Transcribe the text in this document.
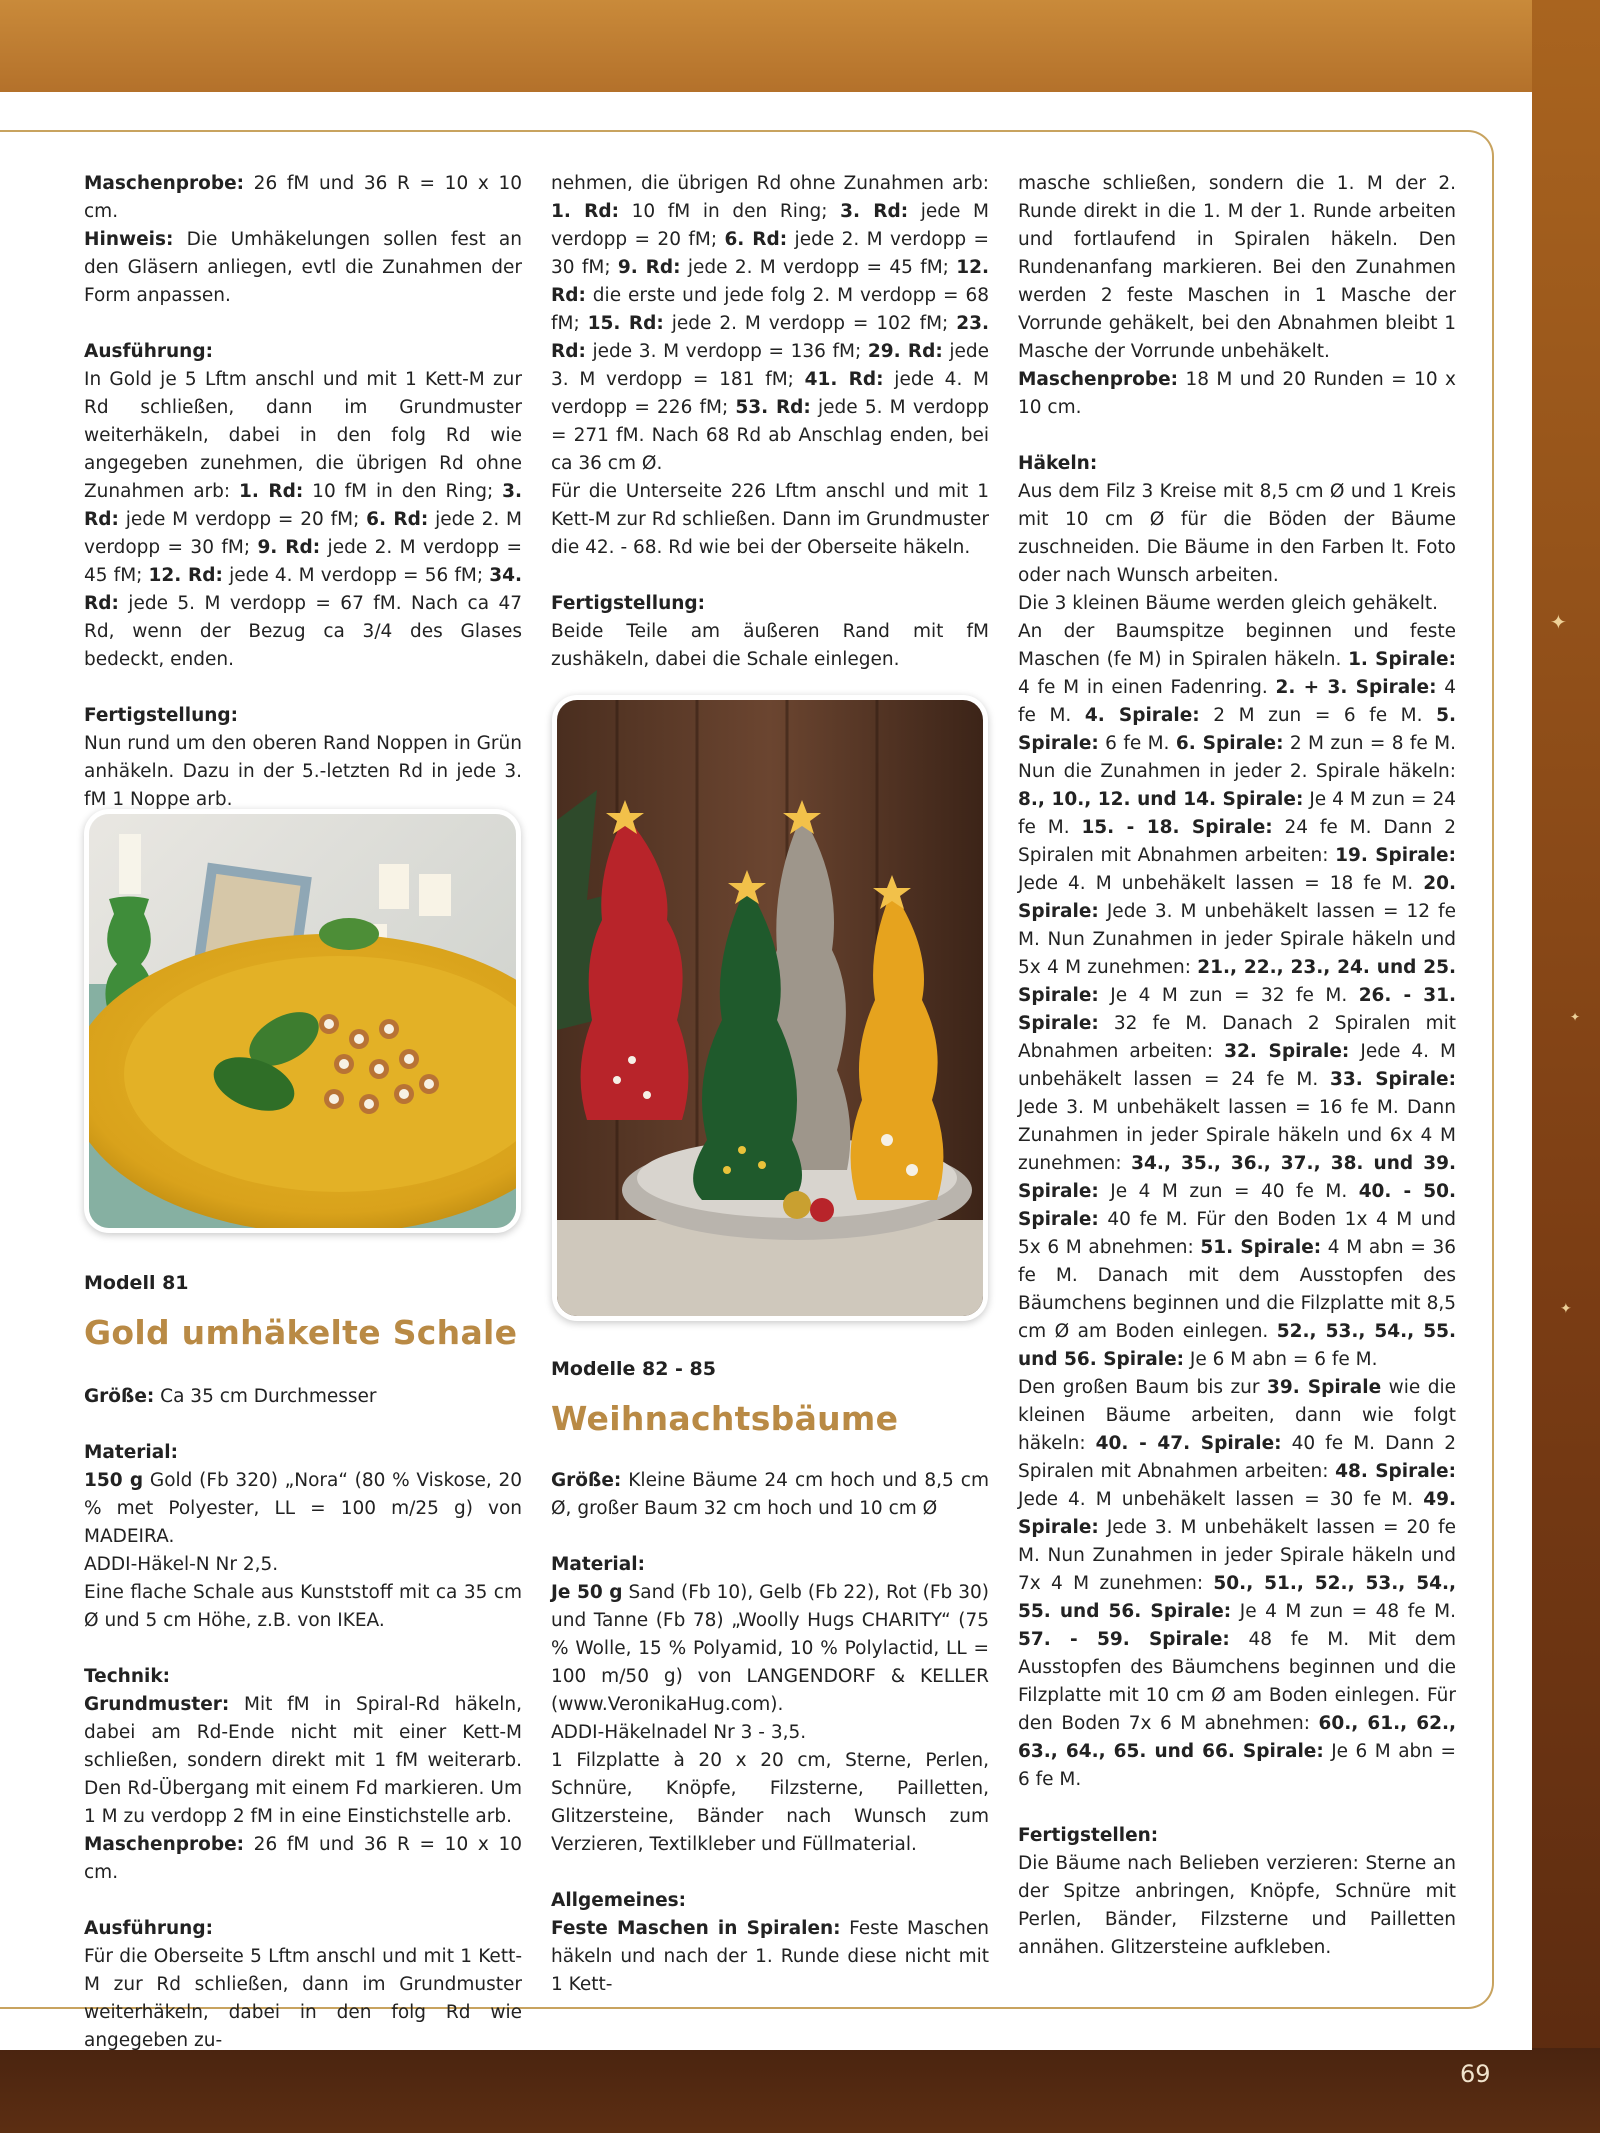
✦
✦
✦

Maschenprobe: 26 fM und 36 R = 10 x 10 cm.

Hinweis: Die Umhäkelungen sollen fest an den Gläsern anliegen, evtl die Zunahmen der Form anpassen.

Ausführung:
In Gold je 5 Lftm anschl und mit 1 Kett-M zur Rd schließen, dann im Grundmuster weiterhäkeln, dabei in den folg Rd wie angegeben zunehmen, die übrigen Rd ohne Zunahmen arb: 1. Rd: 10 fM in den Ring; 3. Rd: jede M verdopp = 20 fM; 6. Rd: jede 2. M verdopp = 30 fM; 9. Rd: jede 2. M verdopp = 45 fM; 12. Rd: jede 4. M verdopp = 56 fM; 34. Rd: jede 5. M verdopp = 67 fM. Nach ca 47 Rd, wenn der Bezug ca 3/4 des Glases bedeckt, enden.

Fertigstellung:
Nun rund um den oberen Rand Noppen in Grün anhäkeln. Dazu in der 5.-letzten Rd in jede 3. fM 1 Noppe arb.

Modell 81
Gold umhäkelte Schale

Größe: Ca 35 cm Durchmesser

Material:
150 g Gold (Fb 320) „Nora“ (80 % Viskose, 20 % met Polyester, LL = 100 m/25 g) von MADEIRA.
ADDI-Häkel-N Nr 2,5.
Eine flache Schale aus Kunststoff mit ca 35 cm Ø und 5 cm Höhe, z.B. von IKEA.

Technik:
Grundmuster: Mit fM in Spiral-Rd häkeln, dabei am Rd-Ende nicht mit einer Kett-M schließen, sondern direkt mit 1 fM weiterarb. Den Rd-Übergang mit einem Fd markieren. Um 1 M zu verdopp 2 fM in eine Einstichstelle arb.
Maschenprobe: 26 fM und 36 R = 10 x 10 cm.

Ausführung:
Für die Oberseite 5 Lftm anschl und mit 1 Kett-M zur Rd schließen, dann im Grundmuster weiterhäkeln, dabei in den folg Rd wie angegeben zu-

nehmen, die übrigen Rd ohne Zunahmen arb: 1. Rd: 10 fM in den Ring; 3. Rd: jede M verdopp = 20 fM; 6. Rd: jede 2. M verdopp = 30 fM; 9. Rd: jede 2. M verdopp = 45 fM; 12. Rd: die erste und jede folg 2. M verdopp = 68 fM; 15. Rd: jede 2. M verdopp = 102 fM; 23. Rd: jede 3. M verdopp = 136 fM; 29. Rd: jede 3. M verdopp = 181 fM; 41. Rd: jede 4. M verdopp = 226 fM; 53. Rd: jede 5. M verdopp = 271 fM. Nach 68 Rd ab Anschlag enden, bei ca 36 cm Ø.

Für die Unterseite 226 Lftm anschl und mit 1 Kett-M zur Rd schließen. Dann im Grundmuster die 42. - 68. Rd wie bei der Oberseite häkeln.

Fertigstellung:
Beide Teile am äußeren Rand mit fM zushäkeln, dabei die Schale einlegen.

Modelle 82 - 85
Weihnachtsbäume

Größe: Kleine Bäume 24 cm hoch und 8,5 cm Ø, großer Baum 32 cm hoch und 10 cm Ø

Material:
Je 50 g Sand (Fb 10), Gelb (Fb 22), Rot (Fb 30) und Tanne (Fb 78) „Woolly Hugs CHARITY“ (75 % Wolle, 15 % Polyamid, 10 % Polylactid, LL = 100 m/50 g) von LANGENDORF & KELLER (www.VeronikaHug.com).
ADDI-Häkelnadel Nr 3 - 3,5.
1 Filzplatte à 20 x 20 cm, Sterne, Perlen, Schnüre, Knöpfe, Filzsterne, Pailletten, Glitzersteine, Bänder nach Wunsch zum Verzieren, Textilkleber und Füllmaterial.

Allgemeines:
Feste Maschen in Spiralen: Feste Maschen häkeln und nach der 1. Runde diese nicht mit 1 Kett-

masche schließen, sondern die 1. M der 2. Runde direkt in die 1. M der 1. Runde arbeiten und fortlaufend in Spiralen häkeln. Den Rundenanfang markieren. Bei den Zunahmen werden 2 feste Maschen in 1 Masche der Vorrunde gehäkelt, bei den Abnahmen bleibt 1 Masche der Vorrunde unbehäkelt.
Maschenprobe: 18 M und 20 Runden = 10 x 10 cm.

Häkeln:
Aus dem Filz 3 Kreise mit 8,5 cm Ø und 1 Kreis mit 10 cm Ø für die Böden der Bäume zuschneiden. Die Bäume in den Farben lt. Foto oder nach Wunsch arbeiten.
Die 3 kleinen Bäume werden gleich gehäkelt.
An der Baumspitze beginnen und feste Maschen (fe M) in Spiralen häkeln. 1. Spirale: 4 fe M in einen Fadenring. 2. + 3. Spirale: 4 fe M. 4. Spirale: 2 M zun = 6 fe M. 5. Spirale: 6 fe M. 6. Spirale: 2 M zun = 8 fe M. Nun die Zunahmen in jeder 2. Spirale häkeln: 8., 10., 12. und 14. Spirale: Je 4 M zun = 24 fe M. 15. - 18. Spirale: 24 fe M. Dann 2 Spiralen mit Abnahmen arbeiten: 19. Spirale: Jede 4. M unbehäkelt lassen = 18 fe M. 20. Spirale: Jede 3. M unbehäkelt lassen = 12 fe M. Nun Zunahmen in jeder Spirale häkeln und 5x 4 M zunehmen: 21., 22., 23., 24. und 25. Spirale: Je 4 M zun = 32 fe M. 26. - 31. Spirale: 32 fe M. Danach 2 Spiralen mit Abnahmen arbeiten: 32. Spirale: Jede 4. M unbehäkelt lassen = 24 fe M. 33. Spirale: Jede 3. M unbehäkelt lassen = 16 fe M. Dann Zunahmen in jeder Spirale häkeln und 6x 4 M zunehmen: 34., 35., 36., 37., 38. und 39. Spirale: Je 4 M zun = 40 fe M. 40. - 50. Spirale: 40 fe M. Für den Boden 1x 4 M und 5x 6 M abnehmen: 51. Spirale: 4 M abn = 36 fe M. Danach mit dem Ausstopfen des Bäumchens beginnen und die Filzplatte mit 8,5 cm Ø am Boden einlegen. 52., 53., 54., 55. und 56. Spirale: Je 6 M abn = 6 fe M.
Den großen Baum bis zur 39. Spirale wie die kleinen Bäume arbeiten, dann wie folgt häkeln: 40. - 47. Spirale: 40 fe M. Dann 2 Spiralen mit Abnahmen arbeiten: 48. Spirale: Jede 4. M unbehäkelt lassen = 30 fe M. 49. Spirale: Jede 3. M unbehäkelt lassen = 20 fe M. Nun Zunahmen in jeder Spirale häkeln und 7x 4 M zunehmen: 50., 51., 52., 53., 54., 55. und 56. Spirale: Je 4 M zun = 48 fe M. 57. - 59. Spirale: 48 fe M. Mit dem Ausstopfen des Bäumchens beginnen und die Filzplatte mit 10 cm Ø am Boden einlegen. Für den Boden 7x 6 M abnehmen: 60., 61., 62., 63., 64., 65. und 66. Spirale: Je 6 M abn = 6 fe M.

Fertigstellen:
Die Bäume nach Belieben verzieren: Sterne an der Spitze anbringen, Knöpfe, Schnüre mit Perlen, Bänder, Filzsterne und Pailletten annähen. Glitzersteine aufkleben.

69
